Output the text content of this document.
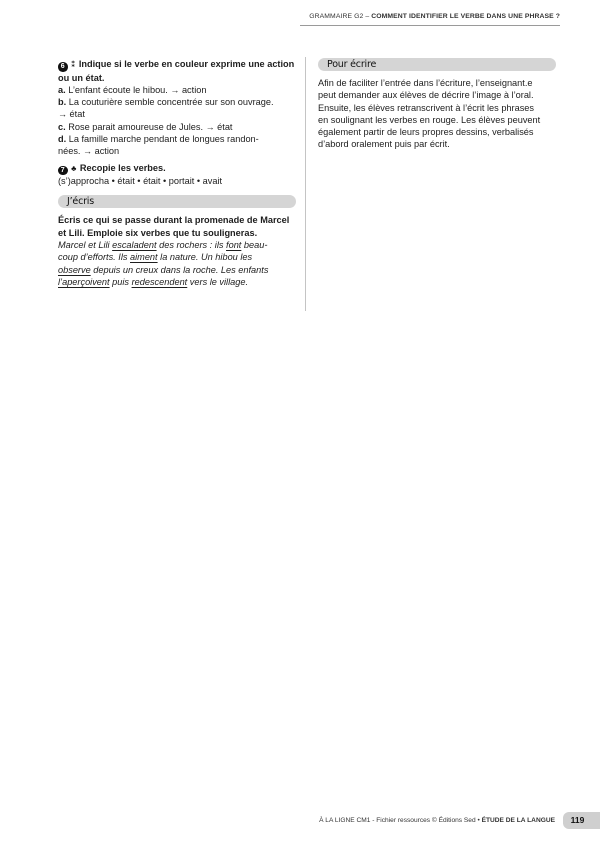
GRAMMAIRE G2 – COMMENT IDENTIFIER LE VERBE DANS UNE PHRASE ?
6 ⁑ Indique si le verbe en couleur exprime une action
ou un état.
a. L’enfant écoute le hibou. → action
b. La couturière semble concentrée sur son ouvrage.
→ état
c. Rose parait amoureuse de Jules. → état
d. La famille marche pendant de longues randon-
nées. → action
7 ♣ Recopie les verbes.
(s’)approcha • était • était • portait • avait
J’écris
Écris ce qui se passe durant la promenade de Marcel
et Lili. Emploie six verbes que tu souligneras.
Marcel et Lili escaladent des rochers : ils font beau-
coup d’efforts. Ils aiment la nature. Un hibou les
observe depuis un creux dans la roche. Les enfants
l’aperçoivent puis redescendent vers le village.
Pour écrire
Afin de faciliter l’entrée dans l’écriture, l’enseignant.e
peut demander aux élèves de décrire l’image à l’oral.
Ensuite, les élèves retranscrivent à l’écrit les phrases
en soulignant les verbes en rouge. Les élèves peuvent
également partir de leurs propres dessins, verbalisés
d’abord oralement puis par écrit.
À LA LIGNE CM1 - Fichier ressources © Éditions Sed • ÉTUDE DE LA LANGUE	119
